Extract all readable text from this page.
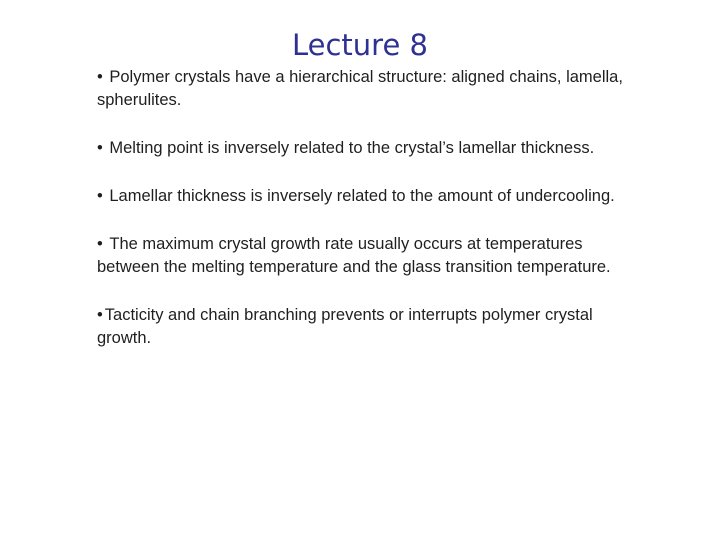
Lecture 8
• Polymer crystals have a hierarchical structure: aligned chains, lamella, spherulites.
• Melting point is inversely related to the crystal’s lamellar thickness.
• Lamellar thickness is inversely related to the amount of undercooling.
• The maximum crystal growth rate usually occurs at temperatures between the melting temperature and the glass transition temperature.
• Tacticity and chain branching prevents or interrupts polymer crystal growth.
